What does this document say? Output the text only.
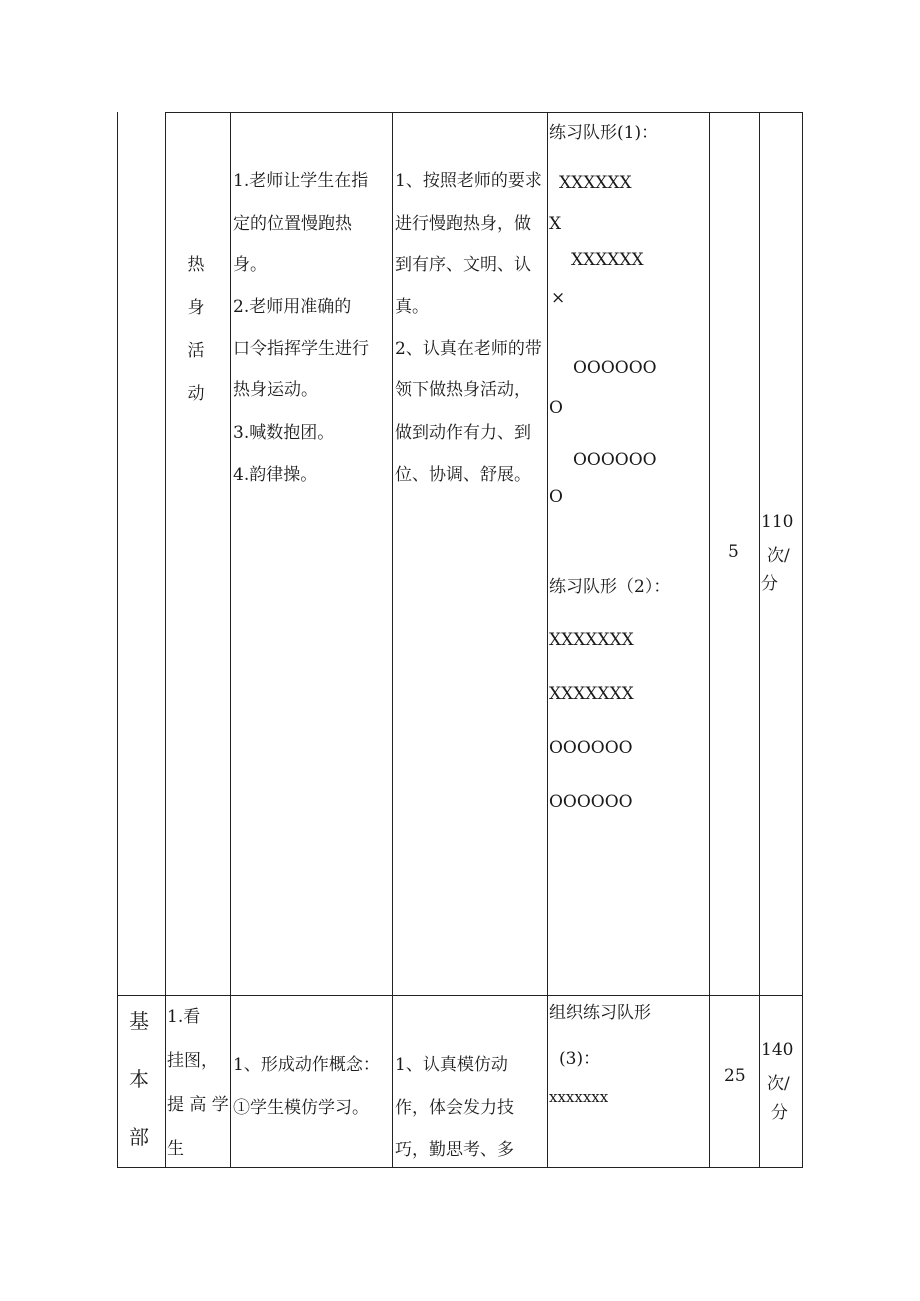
热
身
活
动
1.老师让学生在指
定的位置慢跑热
身。
2.老师用准确的
口令指挥学生进行
热身运动。
3.喊数抱团。
4.韵律操。
1、按照老师的要求
进行慢跑热身，做
到有序、文明、认
真。
2、认真在老师的带
领下做热身活动，
做到动作有力、到
位、协调、舒展。
练习队形(1)：
XXXXXX
X
XXXXXX
×
OOOOOO
O
OOOOOO
O
练习队形（2）：
XXXXXXX
XXXXXXX
OOOOOO
OOOOOO
5
110
次/
分
基
本
部
1.看
挂图，
提 高 学
生
1、形成动作概念：
①学生模仿学习。
1、认真模仿动
作，体会发力技
巧，勤思考、多
组织练习队形
(3)：
xxxxxxx
25
140
次/
分
